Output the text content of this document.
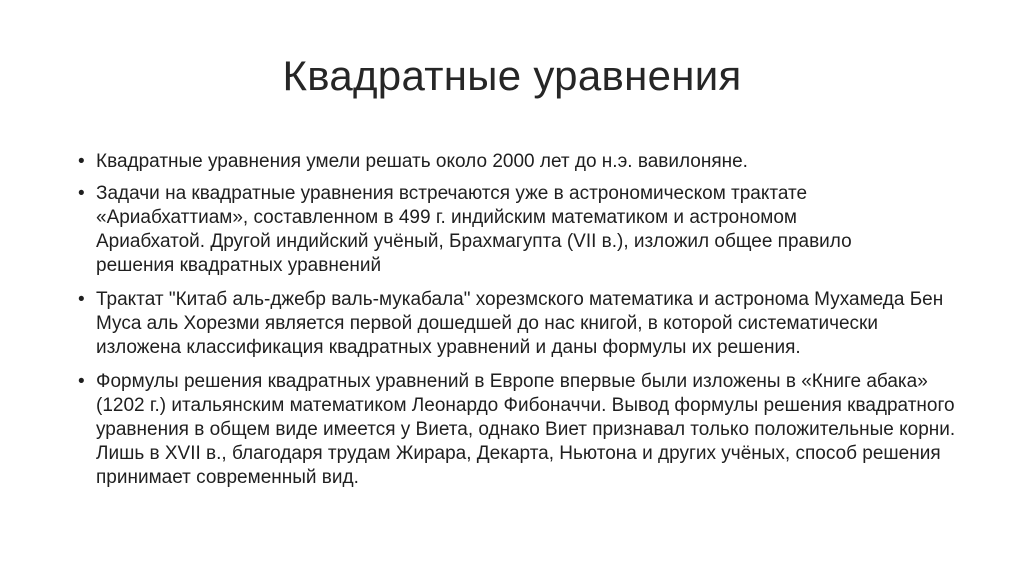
Квадратные уравнения
• Квадратные уравнения умели решать около 2000 лет до н.э. вавилоняне.
• Задачи на квадратные уравнения встречаются уже в астрономическом трактате «Ариабхаттиам», составленном в 499 г. индийским математиком и астрономом Ариабхатой. Другой индийский учёный, Брахмагупта (VII в.), изложил общее правило решения квадратных уравнений
• Трактат "Китаб аль-джебр валь-мукабала" хорезмского математика и астронома Мухамеда Бен Муса аль Хорезми является первой дошедшей до нас книгой, в которой систематически изложена классификация квадратных уравнений и даны формулы их решения.
• Формулы решения квадратных уравнений в Европе впервые были изложены в «Книге абака» (1202 г.) итальянским математиком Леонардо Фибоначчи. Вывод формулы решения квадратного уравнения в общем виде имеется у Виета, однако Виет признавал только положительные корни. Лишь в XVII в., благодаря трудам Жирара, Декарта, Ньютона и других учёных, способ решения принимает современный вид.
